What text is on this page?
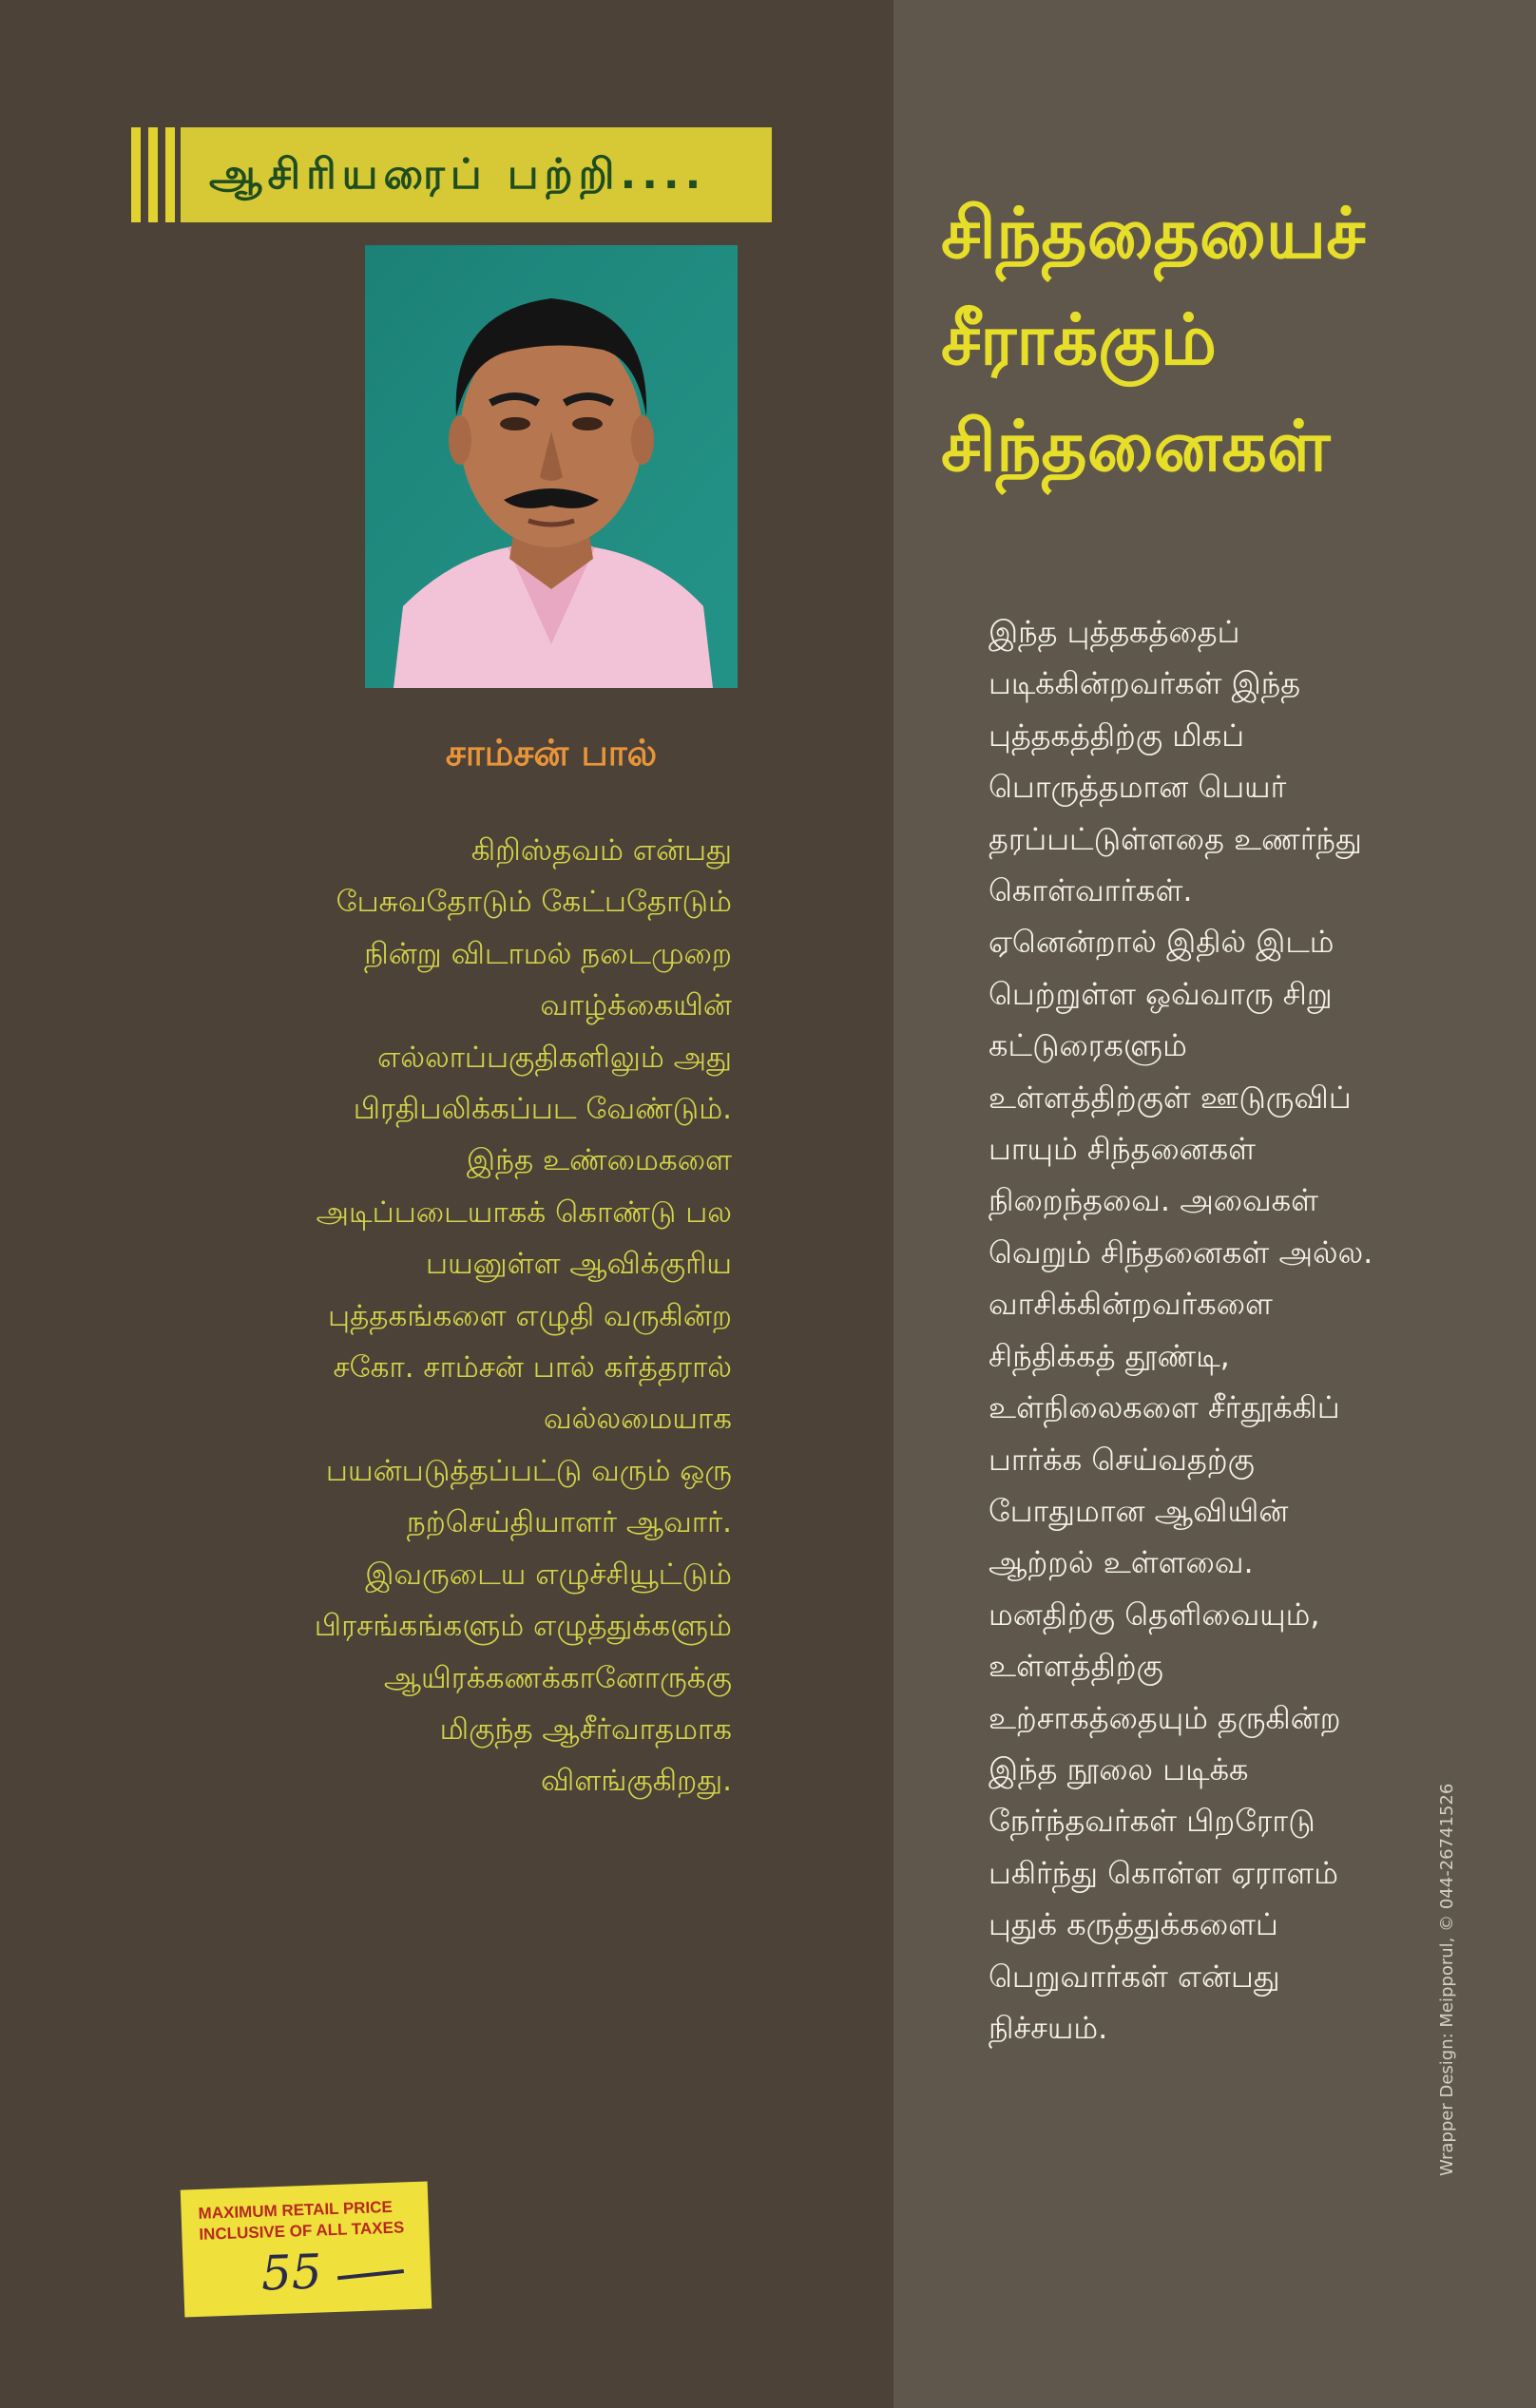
ஆசிரியரைப் பற்றி....
சாம்சன் பால்
கிறிஸ்தவம் என்பது
பேசுவதோடும் கேட்பதோடும்
நின்று விடாமல் நடைமுறை
வாழ்க்கையின்
எல்லாப்பகுதிகளிலும் அது
பிரதிபலிக்கப்பட வேண்டும்.
இந்த உண்மைகளை
அடிப்படையாகக் கொண்டு பல
பயனுள்ள ஆவிக்குரிய
புத்தகங்களை எழுதி வருகின்ற
சகோ. சாம்சன் பால் கர்த்தரால்
வல்லமையாக
பயன்படுத்தப்பட்டு வரும் ஒரு
நற்செய்தியாளர் ஆவார்.
இவருடைய எழுச்சியூட்டும்
பிரசங்கங்களும் எழுத்துக்களும்
ஆயிரக்கணக்கானோருக்கு
மிகுந்த ஆசீர்வாதமாக
விளங்குகிறது.
MAXIMUM RETAIL PRICE
INCLUSIVE OF ALL TAXES
55
சிந்ததையைச்
சீராக்கும்
சிந்தனைகள்
இந்த புத்தகத்தைப்
படிக்கின்றவர்கள் இந்த
புத்தகத்திற்கு மிகப்
பொருத்தமான பெயர்
தரப்பட்டுள்ளதை உணர்ந்து
கொள்வார்கள்.
ஏனென்றால் இதில் இடம்
பெற்றுள்ள ஒவ்வாரு சிறு
கட்டுரைகளும்
உள்ளத்திற்குள் ஊடுருவிப்
பாயும் சிந்தனைகள்
நிறைந்தவை. அவைகள்
வெறும் சிந்தனைகள் அல்ல.
வாசிக்கின்றவர்களை
சிந்திக்கத் தூண்டி,
உள்நிலைகளை சீர்தூக்கிப்
பார்க்க செய்வதற்கு
போதுமான ஆவியின்
ஆற்றல் உள்ளவை.
மனதிற்கு தெளிவையும்,
உள்ளத்திற்கு
உற்சாகத்தையும் தருகின்ற
இந்த நூலை படிக்க
நேர்ந்தவர்கள் பிறரோடு
பகிர்ந்து கொள்ள ஏராளம்
புதுக் கருத்துக்களைப்
பெறுவார்கள் என்பது
நிச்சயம்.	Wrapper Design: Meipporul, © 044-26741526
